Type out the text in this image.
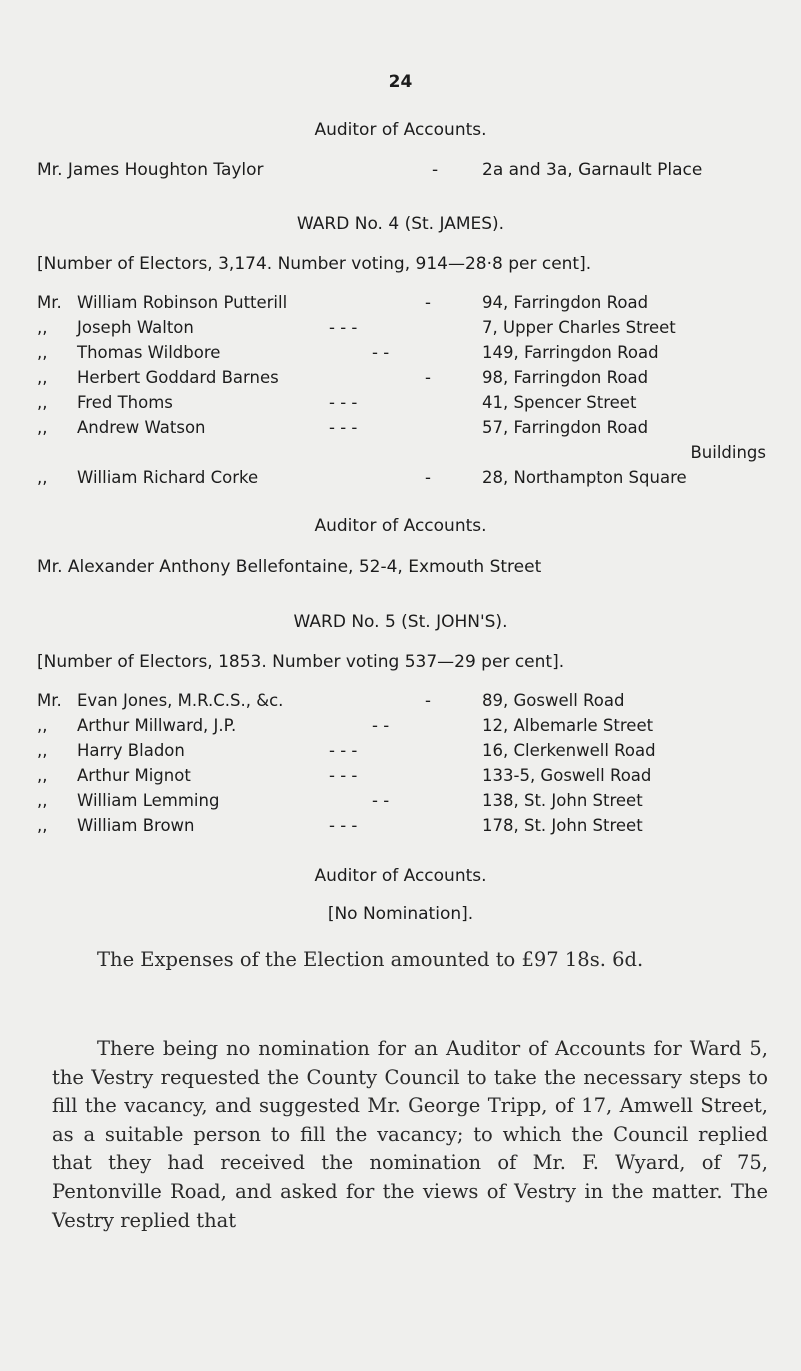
24
Auditor of Accounts.
Mr. James Houghton Taylor	-	2a and 3a, Garnault Place
WARD No. 4 (St. JAMES).
[Number of Electors, 3,174. Number voting, 914—28·8 per cent].
Mr. William Robinson Putterill	-	94, Farringdon Road
,,	Joseph Walton	- - -	7, Upper Charles Street
,,	Thomas Wildbore	- -	149, Farringdon Road
,,	Herbert Goddard Barnes	-	98, Farringdon Road
,,	Fred Thoms	- - -	41, Spencer Street
,,	Andrew Watson	- - -	57, Farringdon Road
Buildings
,,	William Richard Corke	-	28, Northampton Square
Auditor of Accounts.
Mr. Alexander Anthony Bellefontaine, 52-4, Exmouth Street
WARD No. 5 (St. JOHN'S).
[Number of Electors, 1853. Number voting 537—29 per cent].
Mr. Evan Jones, M.R.C.S., &c.	-	89, Goswell Road
,,	Arthur Millward, J.P.	- -	12, Albemarle Street
,,	Harry Bladon	- - -	16, Clerkenwell Road
,,	Arthur Mignot	- - -	133-5, Goswell Road
,,	William Lemming	- -	138, St. John Street
,,	William Brown	- - -	178, St. John Street
Auditor of Accounts.
[No Nomination].
The Expenses of the Election amounted to £97 18s. 6d.
There being no nomination for an Auditor of Accounts for Ward 5, the Vestry requested the County Council to take the necessary steps to fill the vacancy, and suggested Mr. George Tripp, of 17, Amwell Street, as a suitable person to fill the vacancy; to which the Council replied that they had received the nomination of Mr. F. Wyard, of 75, Pentonville Road, and asked for the views of Vestry in the matter. The Vestry replied that
